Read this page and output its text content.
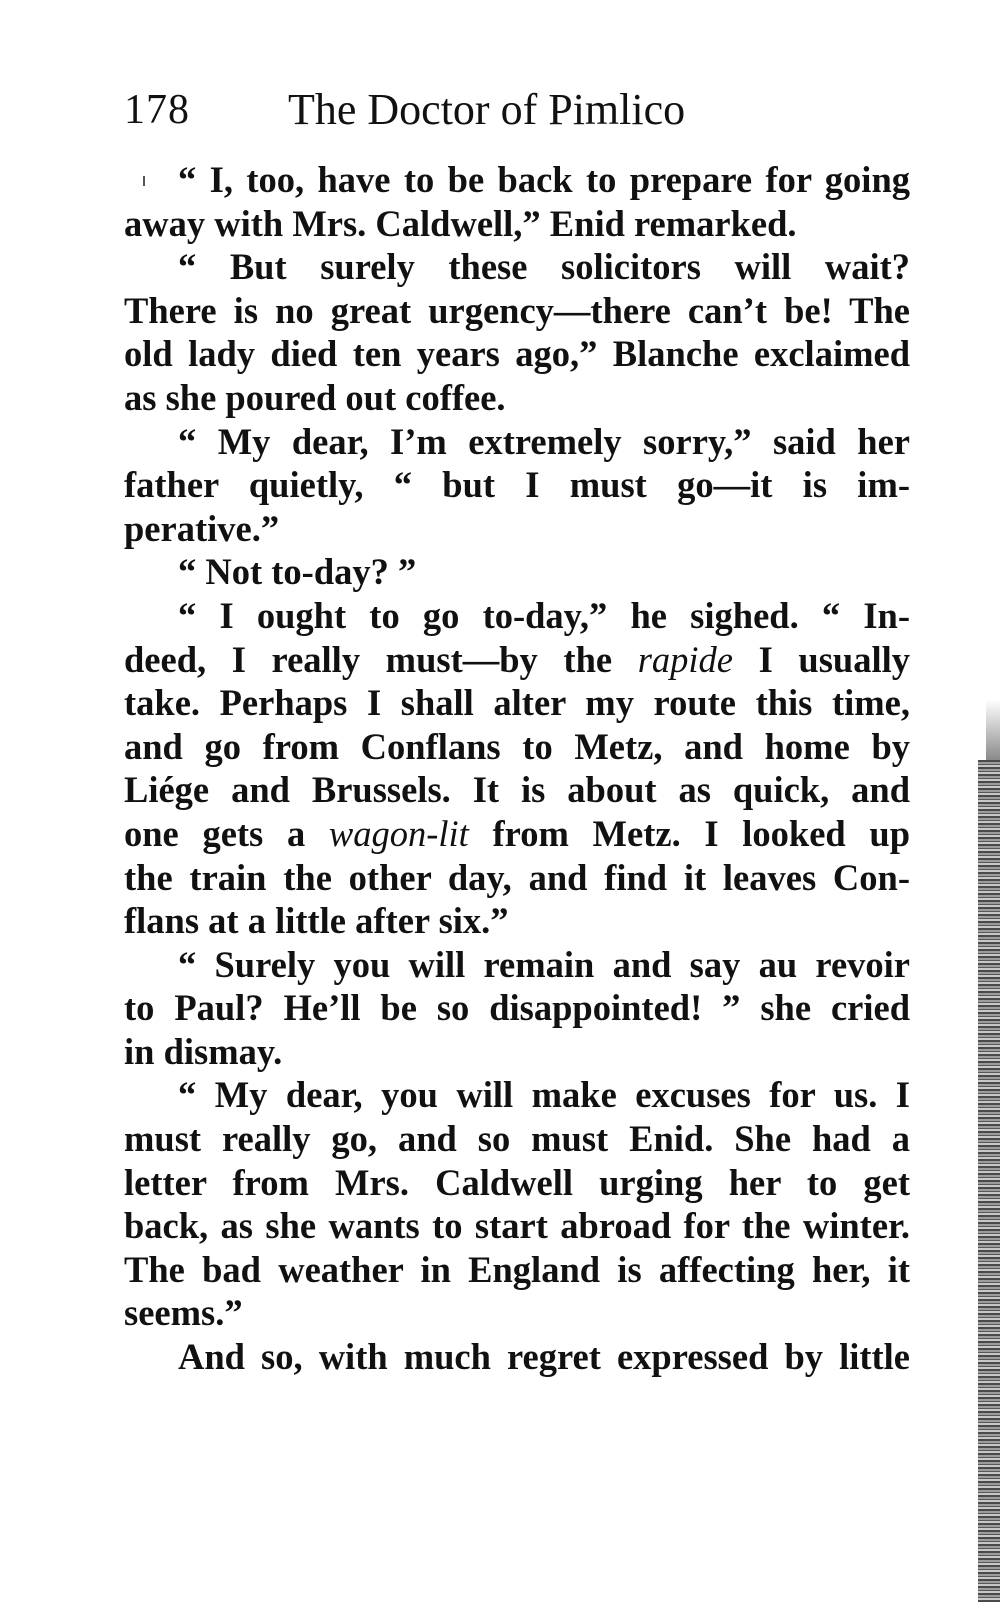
178 The Doctor of Pimlico
“ I, too, have to be back to prepare for going
away with Mrs. Caldwell,” Enid remarked.
“ But surely these solicitors will wait?
There is no great urgency—there can’t be! The
old lady died ten years ago,” Blanche exclaimed
as she poured out coffee.
“ My dear, I’m extremely sorry,” said her
father quietly, “ but I must go—it is im-
perative.”
“ Not to-day? ”
“ I ought to go to-day,” he sighed. “ In-
deed, I really must—by the rapide I usually
take. Perhaps I shall alter my route this time,
and go from Conflans to Metz, and home by
Liége and Brussels. It is about as quick, and
one gets a wagon-lit from Metz. I looked up
the train the other day, and find it leaves Con-
flans at a little after six.”
“ Surely you will remain and say au revoir
to Paul? He’ll be so disappointed! ” she cried
in dismay.
“ My dear, you will make excuses for us. I
must really go, and so must Enid. She had a
letter from Mrs. Caldwell urging her to get
back, as she wants to start abroad for the winter.
The bad weather in England is affecting her, it
seems.”
And so, with much regret expressed by little
